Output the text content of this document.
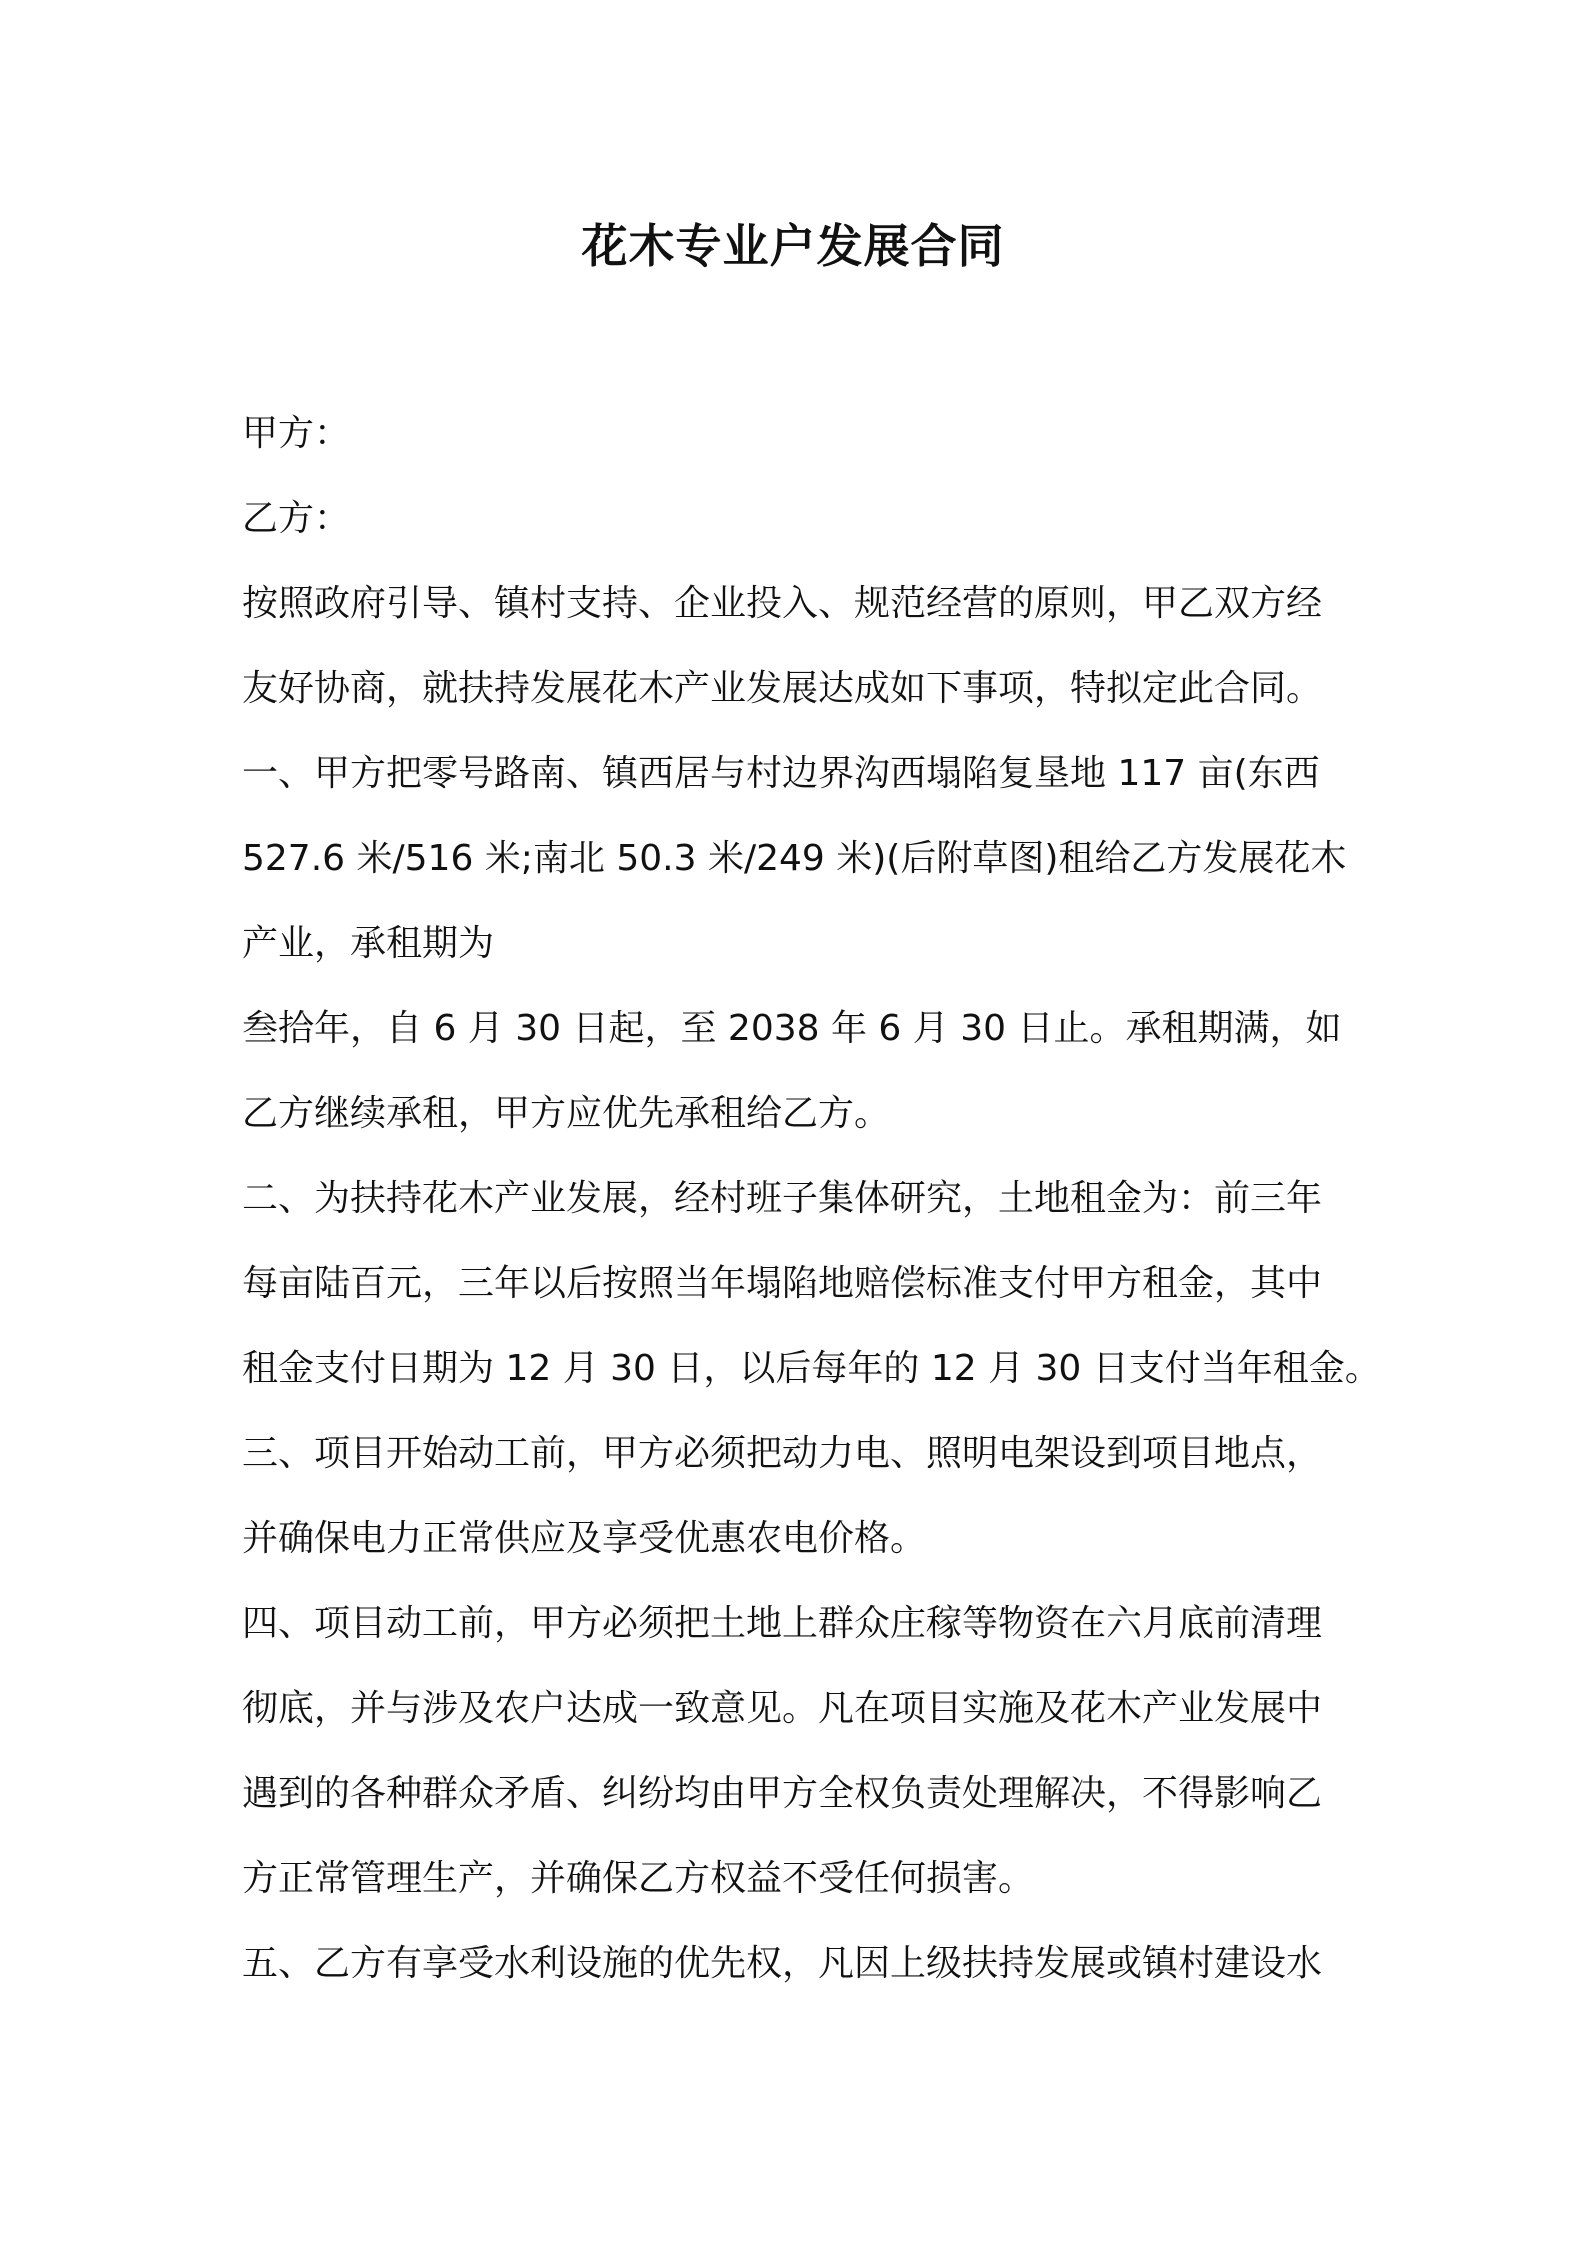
花木专业户发展合同
甲方：
乙方：
按照政府引导、镇村支持、企业投入、规范经营的原则，甲乙双方经
友好协商，就扶持发展花木产业发展达成如下事项，特拟定此合同。
一、甲方把零号路南、镇西居与村边界沟西塌陷复垦地 117 亩(东西
527.6 米/516 米;南北 50.3 米/249 米)(后附草图)租给乙方发展花木
产业，承租期为
叁拾年，自 6 月 30 日起，至 2038 年 6 月 30 日止。承租期满，如
乙方继续承租，甲方应优先承租给乙方。
二、为扶持花木产业发展，经村班子集体研究，土地租金为：前三年
每亩陆百元，三年以后按照当年塌陷地赔偿标准支付甲方租金，其中
租金支付日期为 12 月 30 日，以后每年的 12 月 30 日支付当年租金。
三、项目开始动工前，甲方必须把动力电、照明电架设到项目地点，
并确保电力正常供应及享受优惠农电价格。
四、项目动工前，甲方必须把土地上群众庄稼等物资在六月底前清理
彻底，并与涉及农户达成一致意见。凡在项目实施及花木产业发展中
遇到的各种群众矛盾、纠纷均由甲方全权负责处理解决，不得影响乙
方正常管理生产，并确保乙方权益不受任何损害。
五、乙方有享受水利设施的优先权，凡因上级扶持发展或镇村建设水
